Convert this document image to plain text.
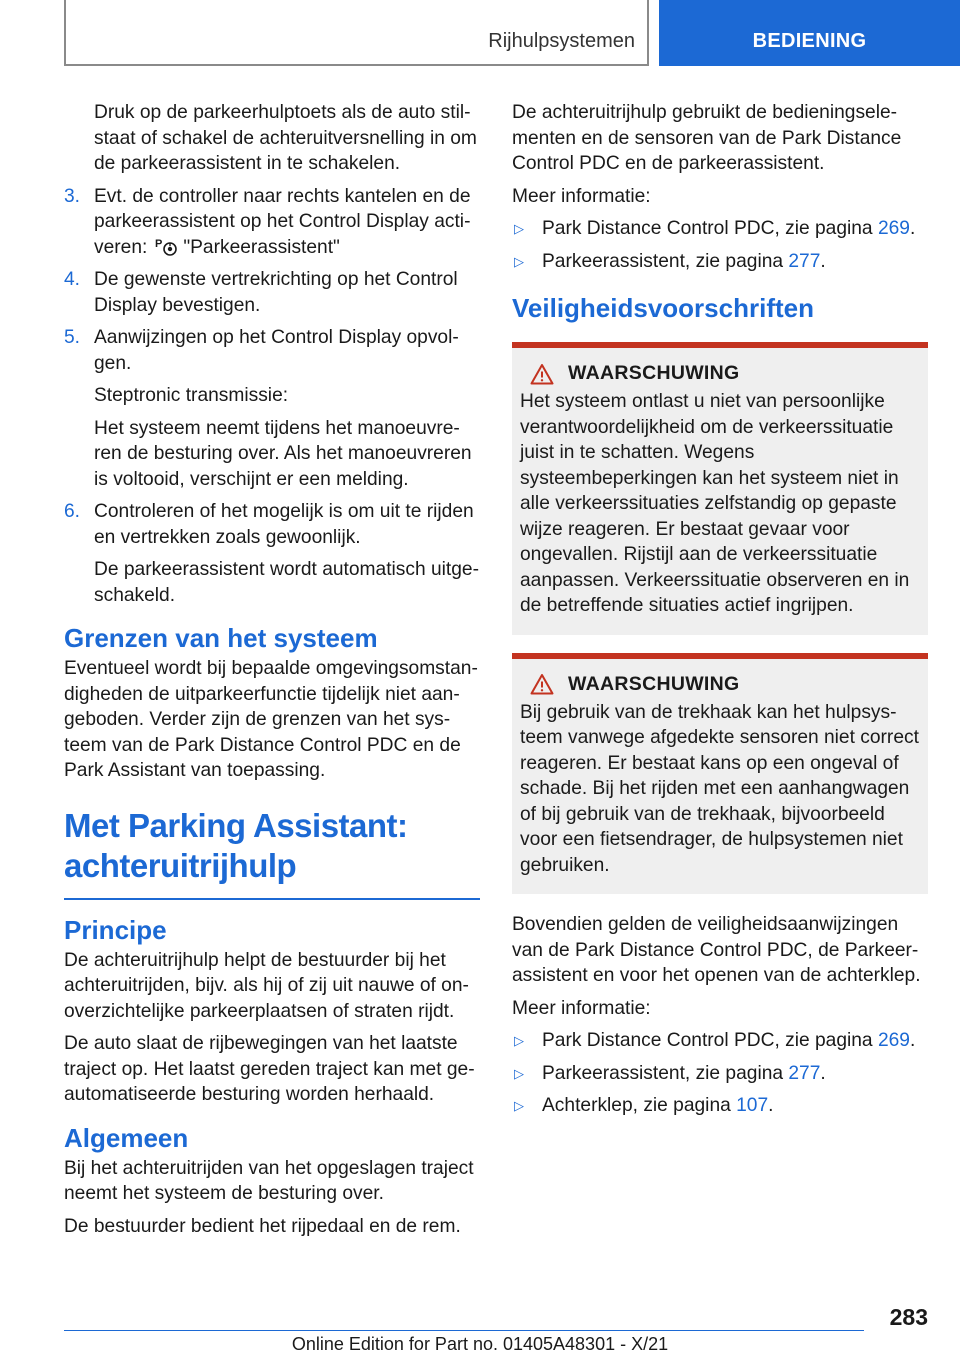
Rijhulpsystemen	BEDIENING
Druk op de parkeerhulptoets als de auto stilstaat of schakel de achteruitversnelling in om de parkeerassistent in te schakelen.
3. Evt. de controller naar rechts kantelen en de parkeerassistent op het Control Display activeren: P "Parkeerassistent"
4. De gewenste vertrekrichting op het Control Display bevestigen.
5. Aanwijzingen op het Control Display opvolgen.
Steptronic transmissie:
Het systeem neemt tijdens het manoeuvreren de besturing over. Als het manoeuvreren is voltooid, verschijnt er een melding.
6. Controleren of het mogelijk is om uit te rijden en vertrekken zoals gewoonlijk.
De parkeerassistent wordt automatisch uitgeschakeld.
Grenzen van het systeem
Eventueel wordt bij bepaalde omgevingsomstandigheden de uitparkeerfunctie tijdelijk niet aangeboden. Verder zijn de grenzen van het systeem van de Park Distance Control PDC en de Park Assistant van toepassing.
Met Parking Assistant: achteruitrijhulp
Principe
De achteruitrijhulp helpt de bestuurder bij het achteruitrijden, bijv. als hij of zij uit nauwe of onoverzichtelijke parkeerplaatsen of straten rijdt.
De auto slaat de rijbewegingen van het laatste traject op. Het laatst gereden traject kan met geautomatiseerde besturing worden herhaald.
Algemeen
Bij het achteruitrijden van het opgeslagen traject neemt het systeem de besturing over.
De bestuurder bedient het rijpedaal en de rem.
De achteruitrijhulp gebruikt de bedieningselementen en de sensoren van de Park Distance Control PDC en de parkeerassistent.
Meer informatie:
▷ Park Distance Control PDC, zie pagina 269.
▷ Parkeerassistent, zie pagina 277.
Veiligheidsvoorschriften
WAARSCHUWING
Het systeem ontlast u niet van persoonlijke verantwoordelijkheid om de verkeerssituatie juist in te schatten. Wegens systeembeperkingen kan het systeem niet in alle verkeerssituaties zelfstandig op gepaste wijze reageren. Er bestaat gevaar voor ongevallen. Rijstijl aan de verkeerssituatie aanpassen. Verkeerssituatie observeren en in de betreffende situaties actief ingrijpen.
WAARSCHUWING
Bij gebruik van de trekhaak kan het hulpsysteem vanwege afgedekte sensoren niet correct reageren. Er bestaat kans op een ongeval of schade. Bij het rijden met een aanhangwagen of bij gebruik van de trekhaak, bijvoorbeeld voor een fietsendrager, de hulpsystemen niet gebruiken.
Bovendien gelden de veiligheidsaanwijzingen van de Park Distance Control PDC, de Parkeerassistent en voor het openen van de achterklep.
Meer informatie:
▷ Park Distance Control PDC, zie pagina 269.
▷ Parkeerassistent, zie pagina 277.
▷ Achterklep, zie pagina 107.
283
Online Edition for Part no. 01405A48301 - X/21
